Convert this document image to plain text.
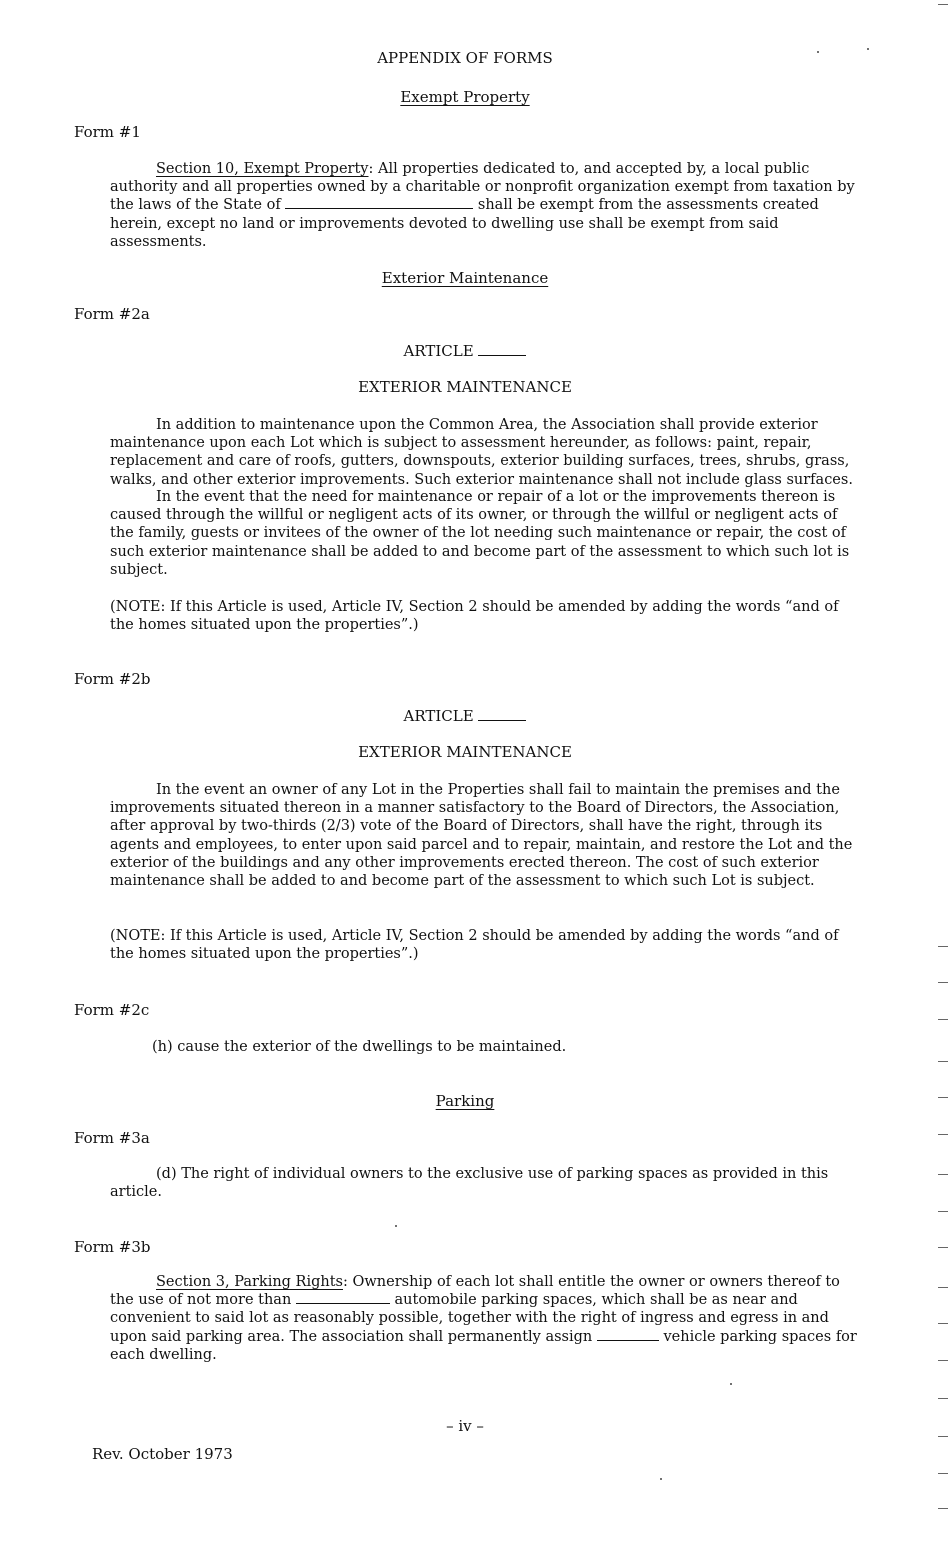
APPENDIX OF FORMS
Exempt Property
Form #1
Section 10, Exempt Property: All properties dedicated to, and accepted by, a local public authority and all properties owned by a charitable or nonprofit organization exempt from taxation by the laws of the State of	shall be exempt from the assessments created herein, except no land or improvements devoted to dwelling use shall be exempt from said assessments.
Exterior Maintenance
Form #2a
ARTICLE
EXTERIOR MAINTENANCE
In addition to maintenance upon the Common Area, the Association shall provide exterior maintenance upon each Lot which is subject to assessment hereunder, as follows: paint, repair, replacement and care of roofs, gutters, downspouts, exterior building surfaces, trees, shrubs, grass, walks, and other exterior improvements. Such exterior maintenance shall not include glass surfaces.
In the event that the need for maintenance or repair of a lot or the improvements thereon is caused through the willful or negligent acts of its owner, or through the willful or negligent acts of the family, guests or invitees of the owner of the lot needing such maintenance or repair, the cost of such exterior maintenance shall be added to and become part of the assessment to which such lot is subject.
(NOTE: If this Article is used, Article IV, Section 2 should be amended by adding the words “and of the homes situated upon the properties”.)
Form #2b
ARTICLE
EXTERIOR MAINTENANCE
In the event an owner of any Lot in the Properties shall fail to maintain the premises and the improvements situated thereon in a manner satisfactory to the Board of Directors, the Association, after approval by two-thirds (2/3) vote of the Board of Directors, shall have the right, through its agents and employees, to enter upon said parcel and to repair, maintain, and restore the Lot and the exterior of the buildings and any other improvements erected thereon. The cost of such exterior maintenance shall be added to and become part of the assessment to which such Lot is subject.
(NOTE: If this Article is used, Article IV, Section 2 should be amended by adding the words “and of the homes situated upon the properties”.)
Form #2c
(h) cause the exterior of the dwellings to be maintained.
Parking
Form #3a
(d) The right of individual owners to the exclusive use of parking spaces as provided in this article.
Form #3b
Section 3, Parking Rights: Ownership of each lot shall entitle the owner or owners thereof to the use of not more than	automobile parking spaces, which shall be as near and convenient to said lot as reasonably possible, together with the right of ingress and egress in and upon said parking area. The association shall permanently assign	vehicle parking spaces for each dwelling.
– iv –
Rev. October 1973
